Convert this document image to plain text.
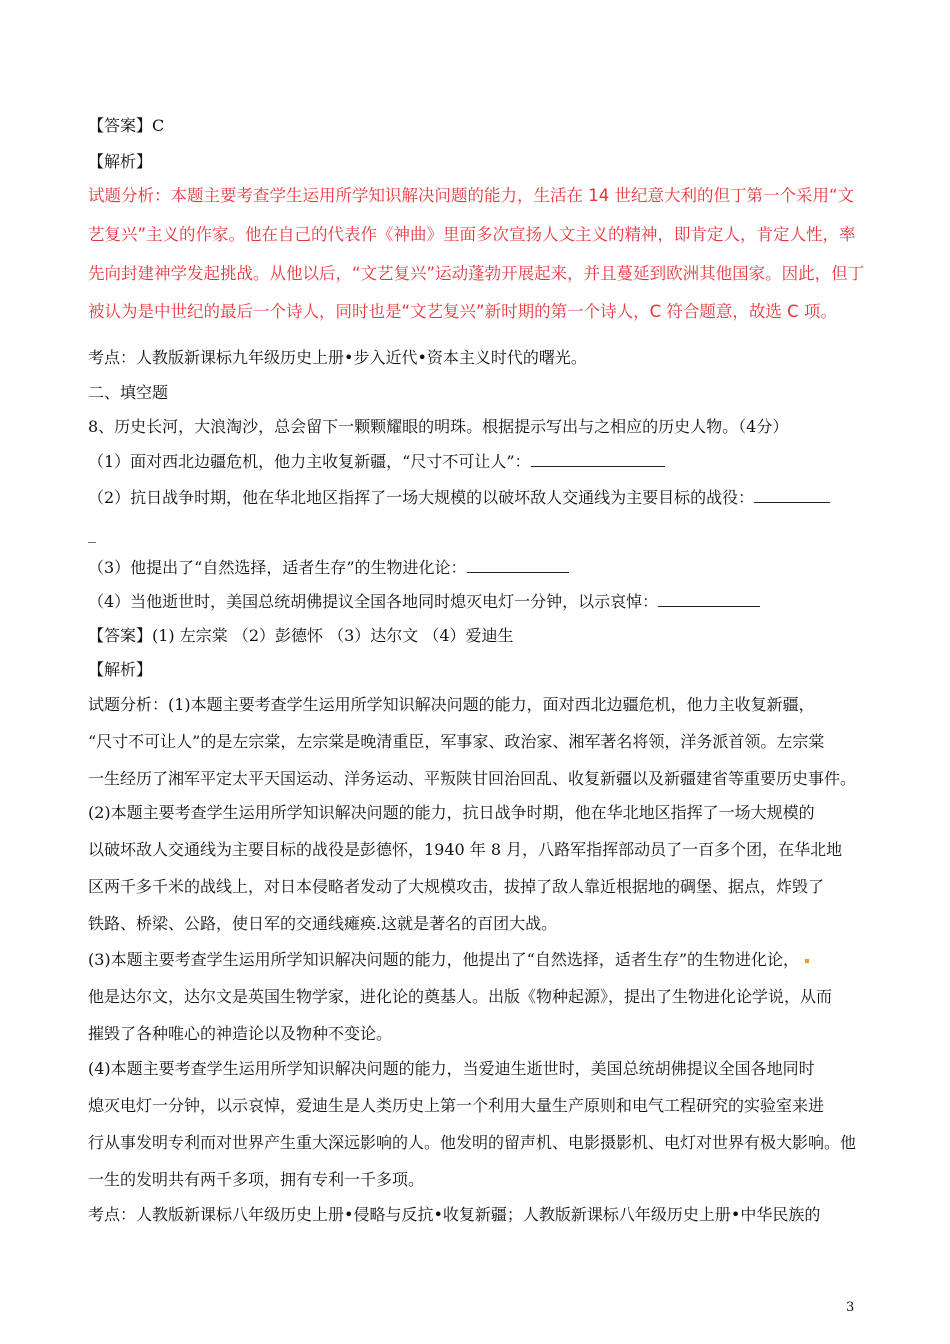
【答案】C
【解析】
试题分析：本题主要考查学生运用所学知识解决问题的能力，生活在 14 世纪意大利的但丁第一个采用“文
艺复兴”主义的作家。他在自己的代表作《神曲》里面多次宣扬人文主义的精神，即肯定人，肯定人性，率
先向封建神学发起挑战。从他以后，“文艺复兴”运动蓬勃开展起来，并且蔓延到欧洲其他国家。因此，但丁
被认为是中世纪的最后一个诗人，同时也是“文艺复兴”新时期的第一个诗人，C 符合题意，故选 C 项。
考点：人教版新课标九年级历史上册•步入近代•资本主义时代的曙光。
二、填空题
8、历史长河，大浪淘沙，总会留下一颗颗耀眼的明珠。根据提示写出与之相应的历史人物。（4分）
（1）面对西北边疆危机，他力主收复新疆，“尺寸不可让人”：
（2）抗日战争时期，他在华北地区指挥了一场大规模的以破坏敌人交通线为主要目标的战役：
_
（3）他提出了“自然选择，适者生存”的生物进化论：
（4）当他逝世时，美国总统胡佛提议全国各地同时熄灭电灯一分钟，以示哀悼：
【答案】(1) 左宗棠 （2）彭德怀 （3）达尔文 （4）爱迪生
【解析】
试题分析：(1)本题主要考查学生运用所学知识解决问题的能力，面对西北边疆危机，他力主收复新疆，
“尺寸不可让人”的是左宗棠，左宗棠是晚清重臣，军事家、政治家、湘军著名将领，洋务派首领。左宗棠
一生经历了湘军平定太平天国运动、洋务运动、平叛陕甘回治回乱、收复新疆以及新疆建省等重要历史事件。
(2)本题主要考查学生运用所学知识解决问题的能力，抗日战争时期，他在华北地区指挥了一场大规模的
以破坏敌人交通线为主要目标的战役是彭德怀，1940 年 8 月，八路军指挥部动员了一百多个团，在华北地
区两千多千米的战线上，对日本侵略者发动了大规模攻击，拔掉了敌人靠近根据地的碉堡、据点，炸毁了
铁路、桥梁、公路，使日军的交通线瘫痪.这就是著名的百团大战。
(3)本题主要考查学生运用所学知识解决问题的能力，他提出了“自然选择，适者生存”的生物进化论，
他是达尔文，达尔文是英国生物学家，进化论的奠基人。出版《物种起源》，提出了生物进化论学说，从而
摧毁了各种唯心的神造论以及物种不变论。
(4)本题主要考查学生运用所学知识解决问题的能力，当爱迪生逝世时，美国总统胡佛提议全国各地同时
熄灭电灯一分钟，以示哀悼，爱迪生是人类历史上第一个利用大量生产原则和电气工程研究的实验室来进
行从事发明专利而对世界产生重大深远影响的人。他发明的留声机、电影摄影机、电灯对世界有极大影响。他
一生的发明共有两千多项，拥有专利一千多项。
考点：人教版新课标八年级历史上册•侵略与反抗•收复新疆；人教版新课标八年级历史上册•中华民族的
3
